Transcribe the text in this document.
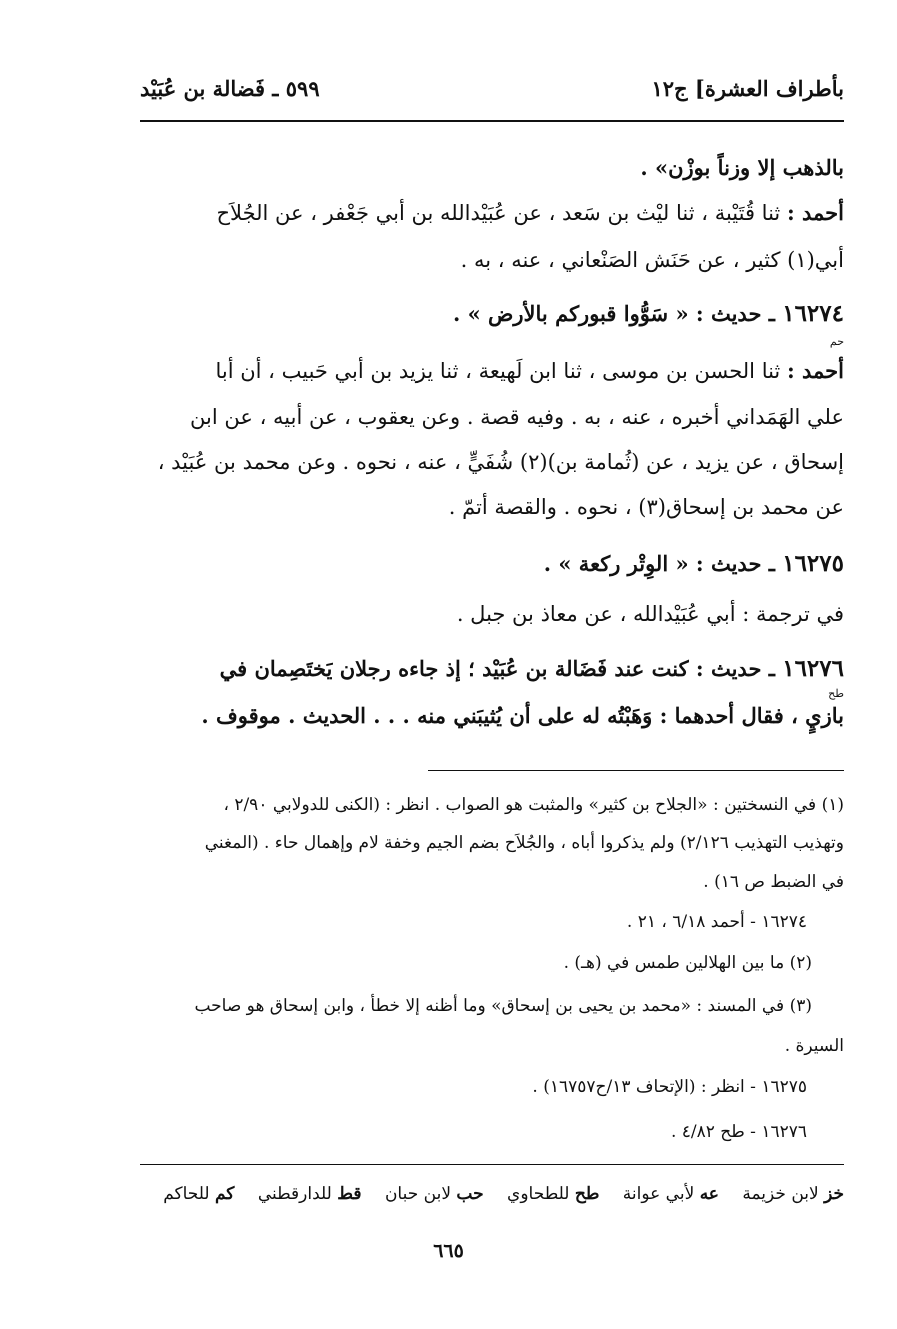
بأطراف العشرة] ج١٢
٥٩٩ ـ فَضالة بن عُبَيْد
بالذهب إلا وزناً بوزْن» .
أحمد : ثنا قُتَيْبة ، ثنا ليْث بن سَعد ، عن عُبَيْدالله بن أبي جَعْفر ، عن الجُلاَح
أبي(١) كثير ، عن حَنَش الصَنْعاني ، عنه ، به .
١٦٢٧٤ ـ حديث : « سَوُّوا قبوركم بالأرض » .
حم
أحمد : ثنا الحسن بن موسى ، ثنا ابن لَهيعة ، ثنا يزيد بن أبي حَبيب ، أن أبا
علي الهَمَداني أخبره ، عنه ، به . وفيه قصة . وعن يعقوب ، عن أبيه ، عن ابن
إسحاق ، عن يزيد ، عن (ثُمامة بن)(٢) شُفَيٍّ ، عنه ، نحوه . وعن محمد بن عُبَيْد ،
عن محمد بن إسحاق(٣) ، نحوه . والقصة أتمّ .
١٦٢٧٥ ـ حديث : « الوِتْر ركعة » .
في ترجمة : أبي عُبَيْدالله ، عن معاذ بن جبل .
١٦٢٧٦ ـ حديث : كنت عند فَضَالة بن عُبَيْد ؛ إذ جاءه رجلان يَختَصِمان في
طح
بازيٍ ، فقال أحدهما : وَهَبْتُه له على أن يُثيبَني منه . . . الحديث . موقوف .
(١) في النسختين : «الجلاح بن كثير» والمثبت هو الصواب . انظر : (الكنى للدولابي ٢/٩٠ ،
وتهذيب التهذيب ٢/١٢٦) ولم يذكروا أباه ، والجُلاَح بضم الجيم وخفة لام وإهمال حاء . (المغني
في الضبط ص ١٦) .
١٦٢٧٤ - أحمد ٦/١٨ ، ٢١ .
(٢) ما بين الهلالين طمس في (هـ) .
(٣) في المسند : «محمد بن يحيى بن إسحاق» وما أظنه إلا خطأ ، وابن إسحاق هو صاحب
السيرة .
١٦٢٧٥ - انظر : (الإتحاف ١٣/ح١٦٧٥٧) .
١٦٢٧٦ - طح ٤/٨٢ .
خز لابن خزيمة عه لأبي عوانة طح للطحاوي حب لابن حبان قط للدارقطني كم للحاكم
٦٦٥
